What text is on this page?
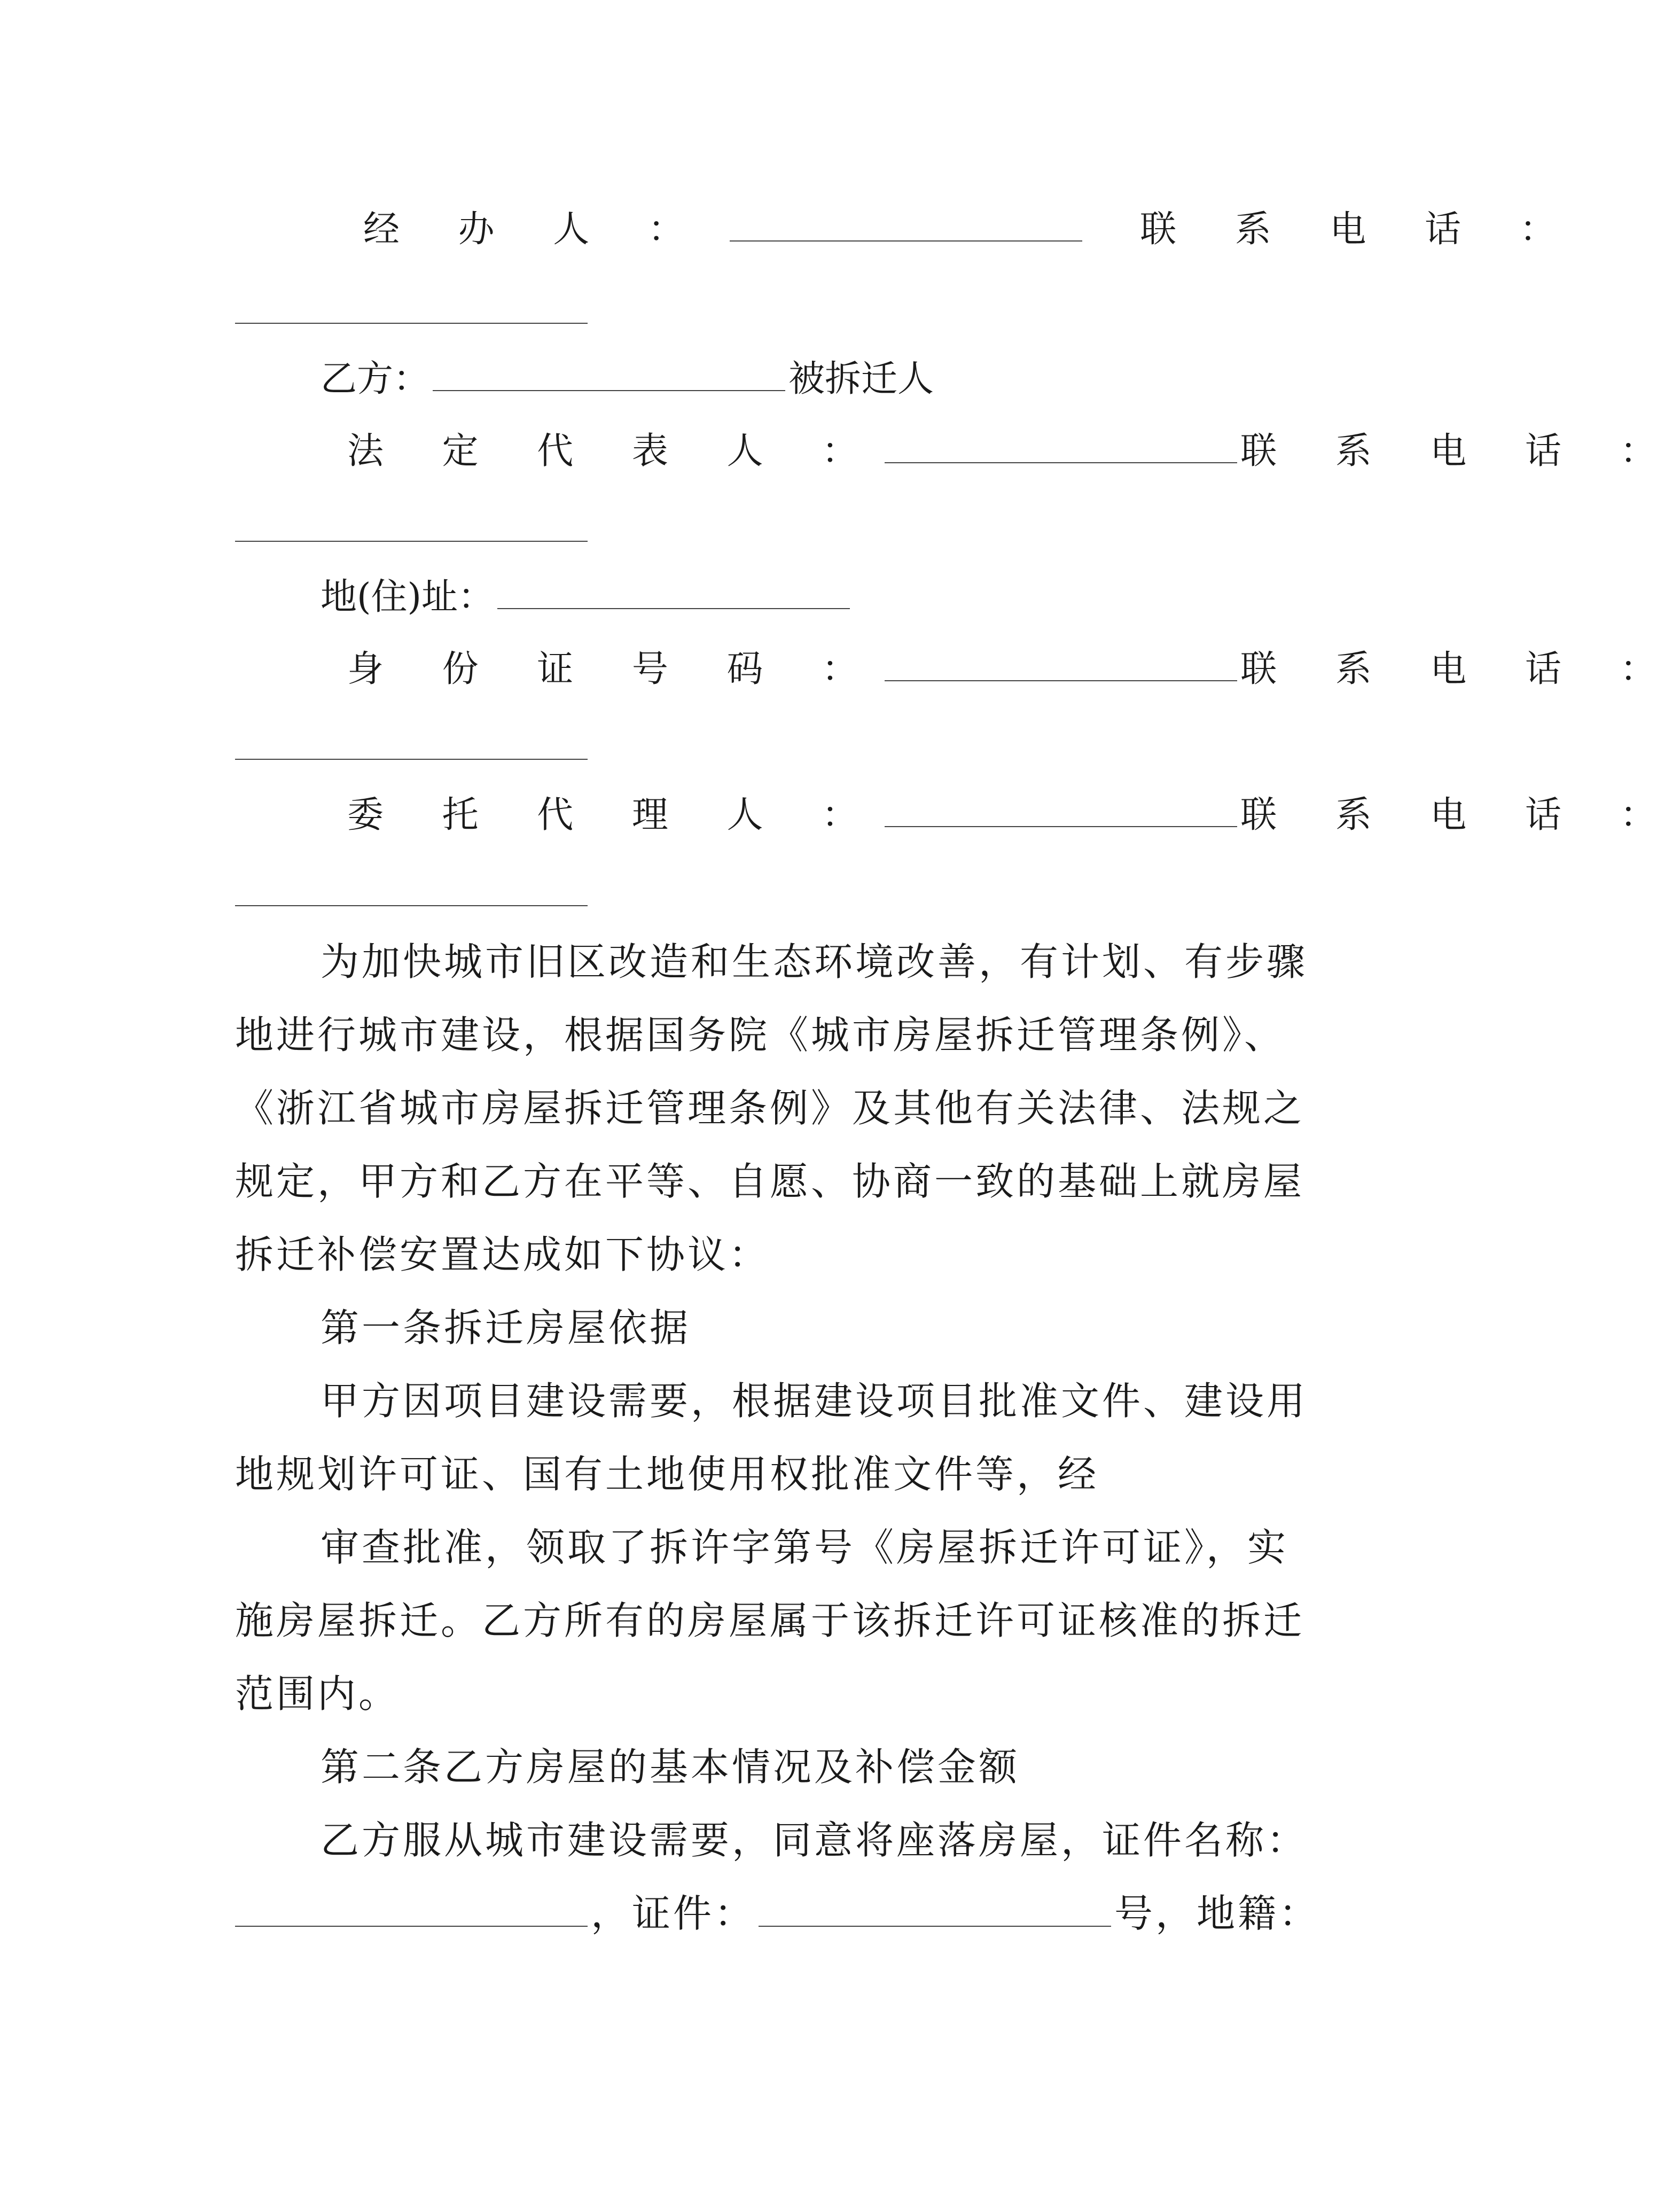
经 办 人 ：	联 系 电 话 ：
乙方：	被拆迁人
法 定 代 表 人 ：	联 系 电 话 ：
地(住)址：
身 份 证 号 码 ：	联 系 电 话 ：
委 托 代 理 人 ：	联 系 电 话 ：
为加快城市旧区改造和生态环境改善，有计划、有步骤
地进行城市建设，根据国务院《城市房屋拆迁管理条例》、
《浙江省城市房屋拆迁管理条例》及其他有关法律、法规之
规定，甲方和乙方在平等、自愿、协商一致的基础上就房屋
拆迁补偿安置达成如下协议：
第一条拆迁房屋依据
甲方因项目建设需要，根据建设项目批准文件、建设用
地规划许可证、国有土地使用权批准文件等，经
审查批准，领取了拆许字第号《房屋拆迁许可证》，实
施房屋拆迁。乙方所有的房屋属于该拆迁许可证核准的拆迁
范围内。
第二条乙方房屋的基本情况及补偿金额
乙方服从城市建设需要，同意将座落房屋，证件名称：
，证件：	号，地籍：
